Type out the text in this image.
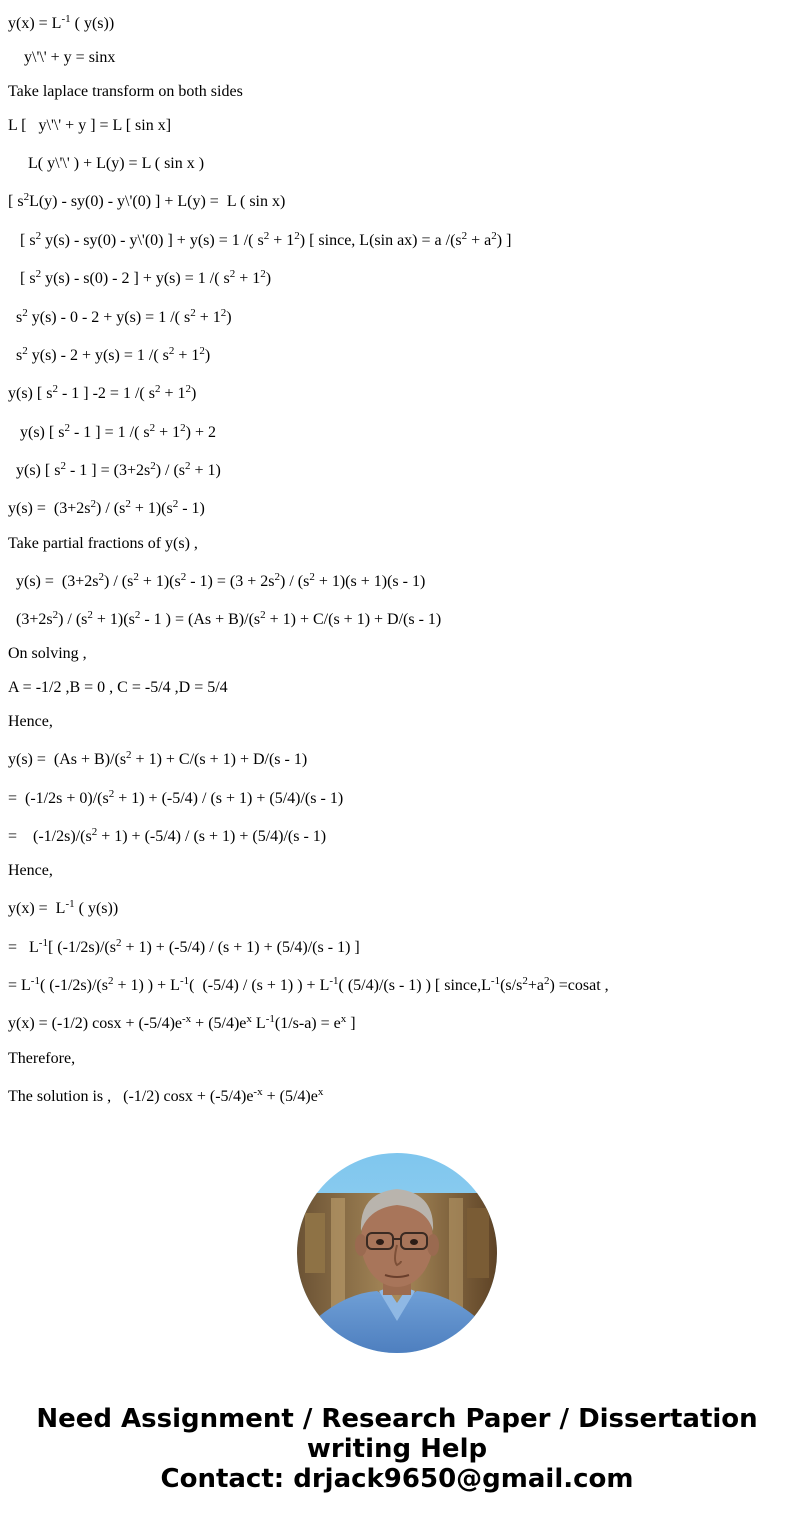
$y(x) = L^{-1}$ ( y(s))
y\'\' + y = sinx
Take laplace transform on both sides
L [   y\'\' + y ] = L [ sin x]
L( y\'\' ) + L(y) = L ( sin x )
[ $s^2L(y) - sy(0)$ - y\'(0) ] + L(y) =  L ( sin x)
[ $s^2$ y(s) - sy(0) - y\'(0) ] + y(s) = 1 /( $s^2 + 1^2$) [ since, L(sin ax) = a $/(s^2 + a^2)$ ]
[ $s^2$ y(s) - s(0) - 2 ] + y(s) = 1 /( $s^2 + 1^2$)
$s^2$ y(s) - 0 - 2 + y(s) = 1 /( $s^2 + 1^2$)
$s^2$ y(s) - 2 + y(s) = 1 /( $s^2 + 1^2$)
y(s) [ $s^2 - 1$ ] -2 = 1 /( $s^2 + 1^2$)
y(s) [ $s^2 - 1$ ] = 1 /( $s^2 + 1^2) + 2$
y(s) [ $s^2 - 1$ ] = $(3+2s^2) / (s^2 + 1)$
$y(s) = (3+2s^2) / (s^2 + 1)(s^2 - 1)$
Take partial fractions of y(s) ,
$y(s) = (3+2s^2) / (s^2 + 1)(s^2 - 1) = (3 + 2s^2) / (s^2 + 1)(s + 1)(s - 1)$
$(3+2s^2) / (s^2 + 1)(s^2 - 1$ ) = $(As + B)/(s^2 + 1) + C/(s + 1) + D/(s - 1)$
On solving ,
A = -1/2 ,B = 0 , C = -5/4 ,D = 5/4
Hence,
$y(s) = (As + B)/(s^2 + 1) + C/(s + 1) + D/(s - 1)$
=  $(-1/2s + 0)/(s^2 + 1) + (-5/4) / (s + 1) + (5/4)/(s - 1)$
=    $(-1/2s)/(s^2 + 1) + (-5/4) / (s + 1) + (5/4)/(s - 1)$
Hence,
$y(x) = L^{-1}$ ( y(s))
=   $L^{-1}$[ $(-1/2s)/(s^2 + 1) + (-5/4) / (s + 1) + (5/4)/(s - 1)$ ]
= $L^{-1}$( $(-1/2s)/(s^2 + 1)$ ) + $L^{-1}$(  (-5/4) / (s + 1) ) + $L^{-1}$( (5/4)/(s - 1) ) [ $since,L^{-1}(s/s^2+a^2)$ =cosat ,
y(x) = (-1/2) $\cos x + (-5/4)e^{-x} + (5/4)e^x$ $L^{-1}(1/s-a) = e^x$ ]
Therefore,
The solution is ,   (-1/2) $\cos x + (-5/4)e^{-x} + (5/4)e^x$
Need Assignment / Research Paper / Dissertation
writing Help
Contact: drjack9650@gmail.com
